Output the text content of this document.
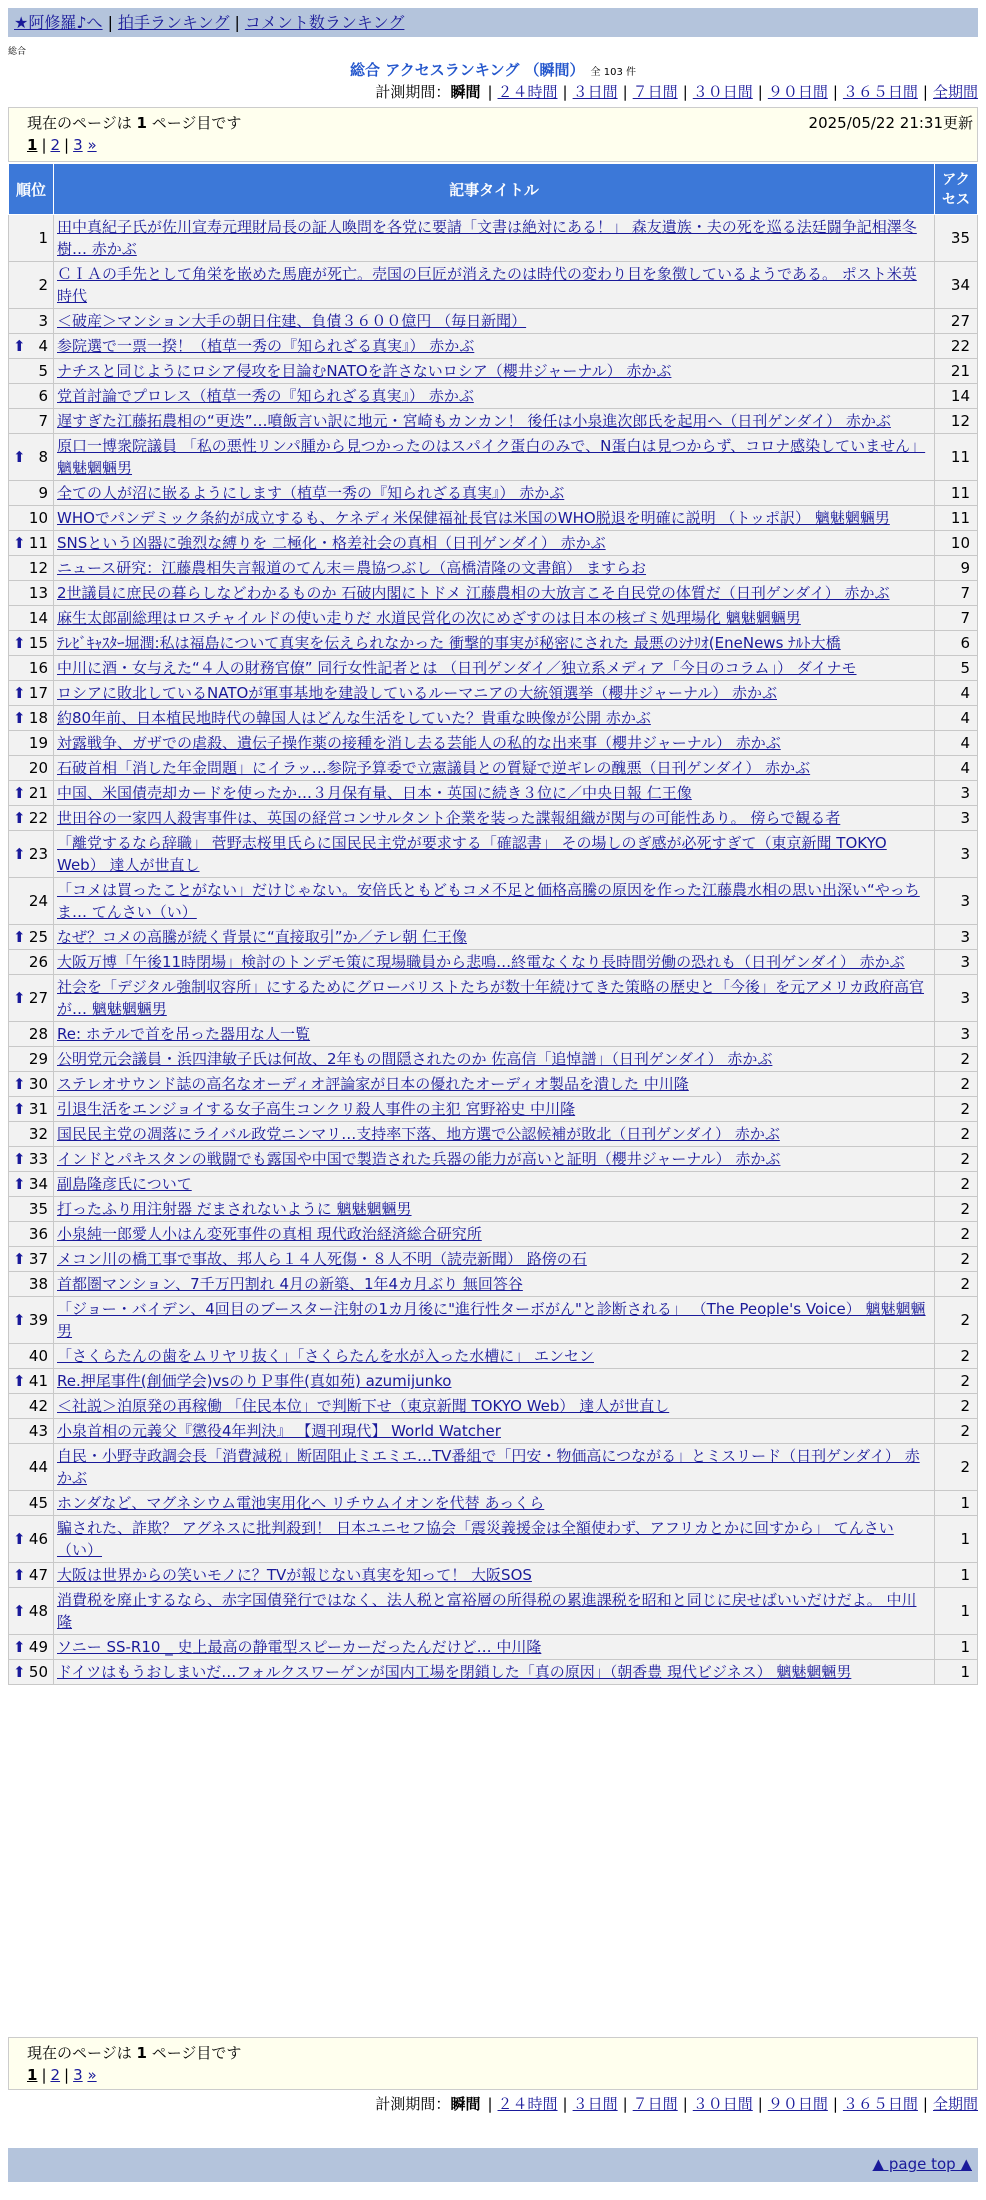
★阿修羅♪へ | 拍手ランキング | コメント数ランキング
総合
総合 アクセスランキング （瞬間） 全 103 件
計測期間：瞬間 | ２４時間 | ３日間 | ７日間 | ３０日間 | ９０日間 | ３６５日間 | 全期間
現在のページは 1 ページ目です	2025/05/22 21:31更新
1 | 2 | 3 »
順位	記事タイトル	アクセス
1	田中真紀子氏が佐川宣寿元理財局長の証人喚問を各党に要請「文書は絶対にある！」 森友遺族・夫の死を巡る法廷闘争記相澤冬樹… 赤かぶ	35
2	ＣＩＡの手先として角栄を嵌めた馬鹿が死亡。売国の巨匠が消えたのは時代の変わり目を象徴しているようである。 ポスト米英時代	34
3	＜破産＞マンション大手の朝日住建、負債３６００億円 （毎日新聞）	27

⬆ 4	参院選で一票一揆！（植草一秀の『知られざる真実』） 赤かぶ	22
5	ナチスと同じようにロシア侵攻を目論むNATOを許さないロシア（櫻井ジャーナル） 赤かぶ	21
6	党首討論でプロレス（植草一秀の『知られざる真実』） 赤かぶ	14
7	遅すぎた江藤拓農相の“更迭”…噴飯言い訳に地元・宮崎もカンカン！ 後任は小泉進次郎氏を起用へ（日刊ゲンダイ） 赤かぶ	12

⬆ 8	原口一博衆院議員 「私の悪性リンパ腫から見つかったのはスパイク蛋白のみで、N蛋白は見つからず、コロナ感染していません」 魑魅魍魎男	11
9	全ての人が沼に嵌るようにします（植草一秀の『知られざる真実』） 赤かぶ	11
10	WHOでパンデミック条約が成立するも、ケネディ米保健福祉長官は米国のWHO脱退を明確に説明 （トッポ訳） 魑魅魍魎男	11

⬆ 11	SNSという凶器に強烈な縛りを 二極化・格差社会の真相（日刊ゲンダイ） 赤かぶ	10
12	ニュース研究：江藤農相失言報道のてん末＝農協つぶし（高橋清隆の文書館） ますらお	9
13	2世議員に庶民の暮らしなどわかるものか 石破内閣にトドメ 江藤農相の大放言こそ自民党の体質だ（日刊ゲンダイ） 赤かぶ	7
14	麻生太郎副総理はロスチャイルドの使い走りだ 水道民営化の次にめざすのは日本の核ゴミ処理場化 魑魅魍魎男	7

⬆ 15	ﾃﾚﾋﾞｷｬｽﾀｰ堀潤:私は福島について真実を伝えられなかった 衝撃的事実が秘密にされた 最悪のｼﾅﾘｵ(EneNews ﾅﾙﾄ大橋	6
16	中川に酒・女与えた“４人の財務官僚” 同行女性記者とは （日刊ゲンダイ／独立系メディア「今日のコラム」） ダイナモ	5

⬆ 17	ロシアに敗北しているNATOが軍事基地を建設しているルーマニアの大統領選挙（櫻井ジャーナル） 赤かぶ	4

⬆ 18	約80年前、日本植民地時代の韓国人はどんな生活をしていた？貴重な映像が公開 赤かぶ	4
19	対露戦争、ガザでの虐殺、遺伝子操作薬の接種を消し去る芸能人の私的な出来事（櫻井ジャーナル） 赤かぶ	4
20	石破首相「消した年金問題」にイラッ…参院予算委で立憲議員との質疑で逆ギレの醜悪（日刊ゲンダイ） 赤かぶ	4

⬆ 21	中国、米国債売却カードを使ったか…３月保有量、日本・英国に続き３位に／中央日報 仁王像	3

⬆ 22	世田谷の一家四人殺害事件は、英国の経営コンサルタント企業を装った諜報組織が関与の可能性あり。 傍らで観る者	3

⬆ 23	「離党するなら辞職」 菅野志桜里氏らに国民民主党が要求する「確認書」 その場しのぎ感が必死すぎて（東京新聞 TOKYO Web） 達人が世直し	3
24	「コメは買ったことがない」だけじゃない。安倍氏ともどもコメ不足と価格高騰の原因を作った江藤農水相の思い出深い“やっちま… てんさい（い）	3

⬆ 25	なぜ？コメの高騰が続く背景に“直接取引”か／テレ朝 仁王像	3
26	大阪万博「午後11時閉場」検討のトンデモ策に現場職員から悲鳴…終電なくなり長時間労働の恐れも（日刊ゲンダイ） 赤かぶ	3

⬆ 27	社会を「デジタル強制収容所」にするためにグローバリストたちが数十年続けてきた策略の歴史と「今後」を元アメリカ政府高官が… 魑魅魍魎男	3
28	Re: ホテルで首を吊った器用な人一覧	3
29	公明党元会議員・浜四津敏子氏は何故、2年もの間隠されたのか 佐高信「追悼譜」（日刊ゲンダイ） 赤かぶ	2

⬆ 30	ステレオサウンド誌の高名なオーディオ評論家が日本の優れたオーディオ製品を潰した 中川隆	2

⬆ 31	引退生活をエンジョイする女子高生コンクリ殺人事件の主犯 宮野裕史 中川隆	2
32	国民民主党の凋落にライバル政党ニンマリ…支持率下落、地方選で公認候補が敗北（日刊ゲンダイ） 赤かぶ	2

⬆ 33	インドとパキスタンの戦闘でも露国や中国で製造された兵器の能力が高いと証明（櫻井ジャーナル） 赤かぶ	2

⬆ 34	副島隆彦氏について	2
35	打ったふり用注射器 だまされないように 魑魅魍魎男	2
36	小泉純一郎愛人小はん変死事件の真相 現代政治経済総合研究所	2

⬆ 37	メコン川の橋工事で事故、邦人ら１４人死傷・８人不明（読売新聞） 路傍の石	2
38	首都圏マンション、7千万円割れ 4月の新築、1年4カ月ぶり 無回答谷	2

⬆ 39	「ジョー・バイデン、4回目のブースター注射の1カ月後に"進行性ターボがん"と診断される」 （The People's Voice） 魑魅魍魎男	2
40	「さくらたんの歯をムリヤリ抜く」「さくらたんを水が入った水槽に」 エンセン	2

⬆ 41	Re.押尾事件(創価学会)vsのりＰ事件(真如苑) azumijunko	2
42	＜社説＞泊原発の再稼働 「住民本位」で判断下せ（東京新聞 TOKYO Web） 達人が世直し	2
43	小泉首相の元義父『懲役4年判決』 【週刊現代】 World Watcher	2
44	自民・小野寺政調会長「消費減税」断固阻止ミエミエ…TV番組で「円安・物価高につながる」とミスリード（日刊ゲンダイ） 赤かぶ	2
45	ホンダなど、マグネシウム電池実用化へ リチウムイオンを代替 あっくら	1

⬆ 46	騙された、詐欺？ アグネスに批判殺到！ 日本ユニセフ協会「震災義援金は全額使わず、アフリカとかに回すから」 てんさい（い）	1

⬆ 47	大阪は世界からの笑いモノに？TVが報じない真実を知って！ 大阪SOS	1

⬆ 48	消費税を廃止するなら、赤字国債発行ではなく、法人税と富裕層の所得税の累進課税を昭和と同じに戻せばいいだけだよ。 中川隆	1

⬆ 49	ソニー SS-R10 _ 史上最高の静電型スピーカーだったんだけど… 中川隆	1

⬆ 50	ドイツはもうおしまいだ…フォルクスワーゲンが国内工場を閉鎖した「真の原因」（朝香豊 現代ビジネス） 魑魅魍魎男	1
現在のページは 1 ページ目です
1 | 2 | 3 »
計測期間：瞬間 | ２４時間 | ３日間 | ７日間 | ３０日間 | ９０日間 | ３６５日間 | 全期間
▲ page top ▲
